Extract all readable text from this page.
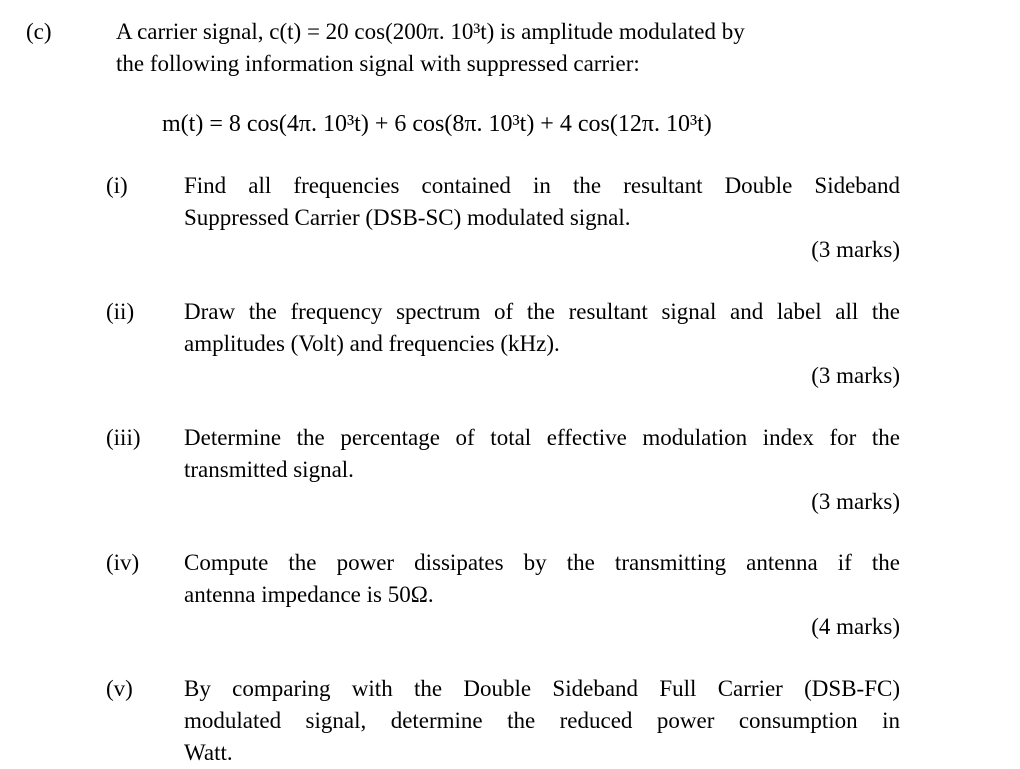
(c)	A carrier signal, c(t) = 20 cos(200π. 10³t) is amplitude modulated by
the following information signal with suppressed carrier:
m(t) = 8 cos(4π. 10³t) + 6 cos(8π. 10³t) + 4 cos(12π. 10³t)
(i) Find all frequencies contained in the resultant Double Sideband
Suppressed Carrier (DSB-SC) modulated signal.
(3 marks)
(ii) Draw the frequency spectrum of the resultant signal and label all the
amplitudes (Volt) and frequencies (kHz).
(3 marks)
(iii) Determine the percentage of total effective modulation index for the
transmitted signal.
(3 marks)
(iv) Compute the power dissipates by the transmitting antenna if the
antenna impedance is 50Ω.
(4 marks)
(v) By comparing with the Double Sideband Full Carrier (DSB-FC)
modulated signal, determine the reduced power consumption in
Watt.
